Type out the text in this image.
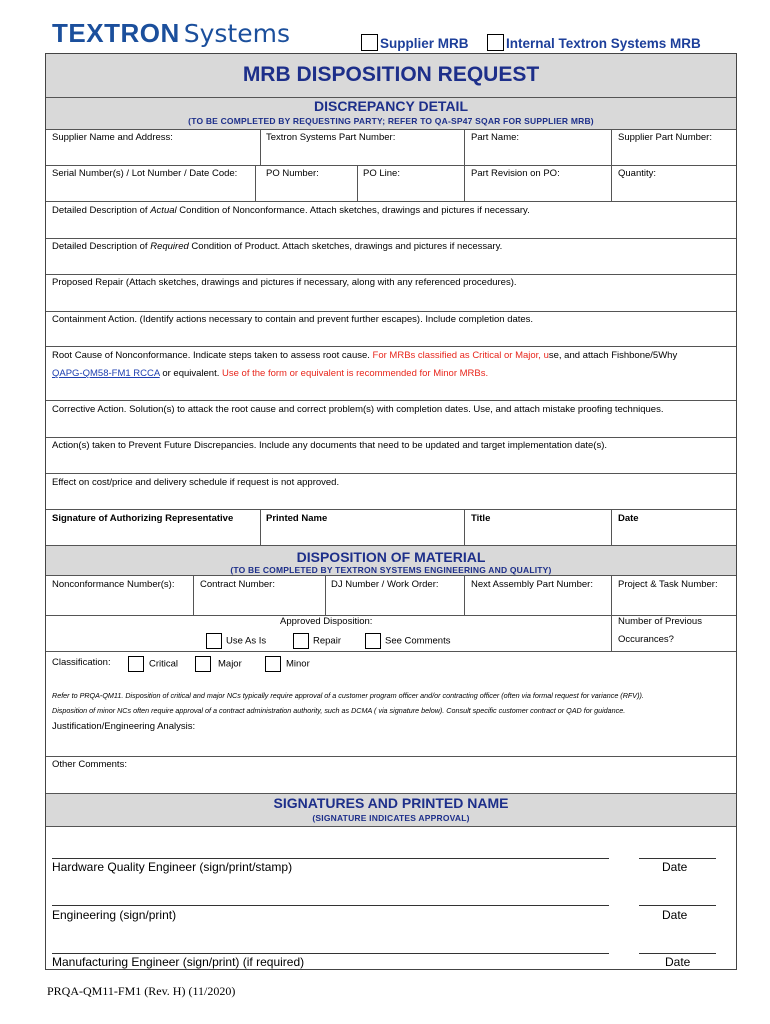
TEXTRON Systems	Supplier MRB	Internal Textron Systems MRB
MRB DISPOSITION REQUEST
DISCREPANCY DETAIL
(TO BE COMPLETED BY REQUESTING PARTY; REFER TO QA-SP47 SQAR FOR SUPPLIER MRB)
Supplier Name and Address:	Textron Systems Part Number:	Part Name:	Supplier Part Number:
Serial Number(s) / Lot Number / Date Code:	PO Number:	PO Line:	Part Revision on PO:	Quantity:
Detailed Description of Actual Condition of Nonconformance. Attach sketches, drawings and pictures if necessary.
Detailed Description of Required Condition of Product. Attach sketches, drawings and pictures if necessary.
Proposed Repair (Attach sketches, drawings and pictures if necessary, along with any referenced procedures).
Containment Action. (Identify actions necessary to contain and prevent further escapes). Include completion dates.
Root Cause of Nonconformance. Indicate steps taken to assess root cause. For MRBs classified as Critical or Major, use, and attach Fishbone/5Why
QAPG-QM58-FM1 RCCA or equivalent. Use of the form or equivalent is recommended for Minor MRBs.
Corrective Action. Solution(s) to attack the root cause and correct problem(s) with completion dates. Use, and attach mistake proofing techniques.
Action(s) taken to Prevent Future Discrepancies. Include any documents that need to be updated and target implementation date(s).
Effect on cost/price and delivery schedule if request is not approved.
Signature of Authorizing Representative	Printed Name	Title	Date
DISPOSITION OF MATERIAL
(TO BE COMPLETED BY TEXTRON SYSTEMS ENGINEERING AND QUALITY)
Nonconformance Number(s):	Contract Number:	DJ Number / Work Order:	Next Assembly Part Number:	Project & Task Number:
Approved Disposition:
Use As Is	Repair	See Comments
Number of Previous
Occurances?
Classification:	Critical	Major	Minor
Refer to PRQA-QM11. Disposition of critical and major NCs typically require approval of a customer program officer and/or contracting officer (often via formal request for variance (RFV)).
Disposition of minor NCs often require approval of a contract administration authority, such as DCMA ( via signature below). Consult specific customer contract or QAD for guidance.
Justification/Engineering Analysis:
Other Comments:
SIGNATURES AND PRINTED NAME
(SIGNATURE INDICATES APPROVAL)
Hardware Quality Engineer (sign/print/stamp)	Date
Engineering (sign/print)	Date
Manufacturing Engineer (sign/print) (if required)	Date
PRQA-QM11-FM1 (Rev. H) (11/2020)
